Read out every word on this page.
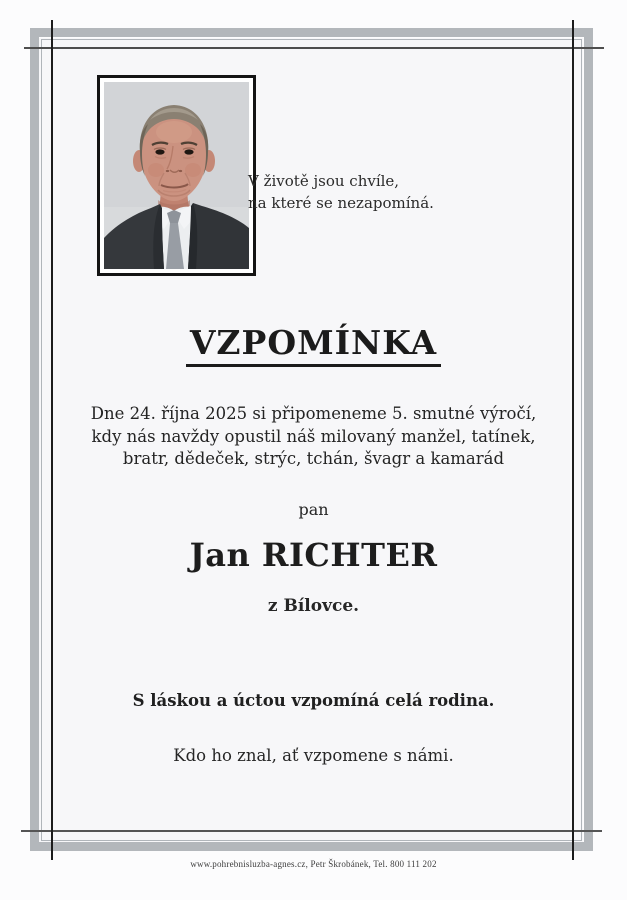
V životě jsou chvíle,
na které se nezapomíná.
VZPOMÍNKA
Dne 24. října 2025 si připomeneme 5. smutné výročí,
kdy nás navždy opustil náš milovaný manžel, tatínek,
bratr, dědeček, strýc, tchán, švagr a kamarád
pan
Jan RICHTER
z Bílovce.
S láskou a úctou vzpomíná celá rodina.
Kdo ho znal, ať vzpomene s námi.
www.pohrebnisluzba-agnes.cz, Petr Škrobánek, Tel. 800 111 202
